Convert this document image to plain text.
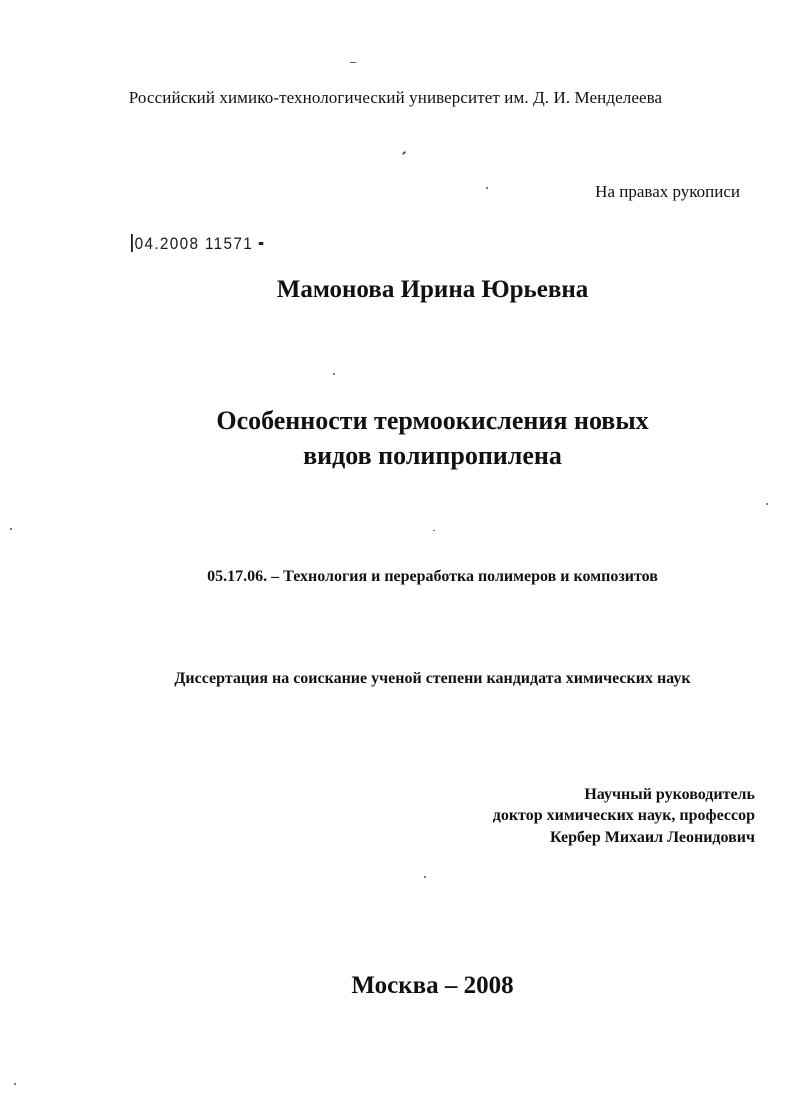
Российский химико-технологический университет им. Д. И. Менделеева
На правах рукописи
04.2008 11571
Мамонова Ирина Юрьевна
Особенности термоокисления новых
видов полипропилена
05.17.06. – Технология и переработка полимеров и композитов
Диссертация на соискание ученой степени кандидата химических наук
Научный руководитель
доктор химических наук, профессор
Кербер Михаил Леонидович
Москва – 2008
